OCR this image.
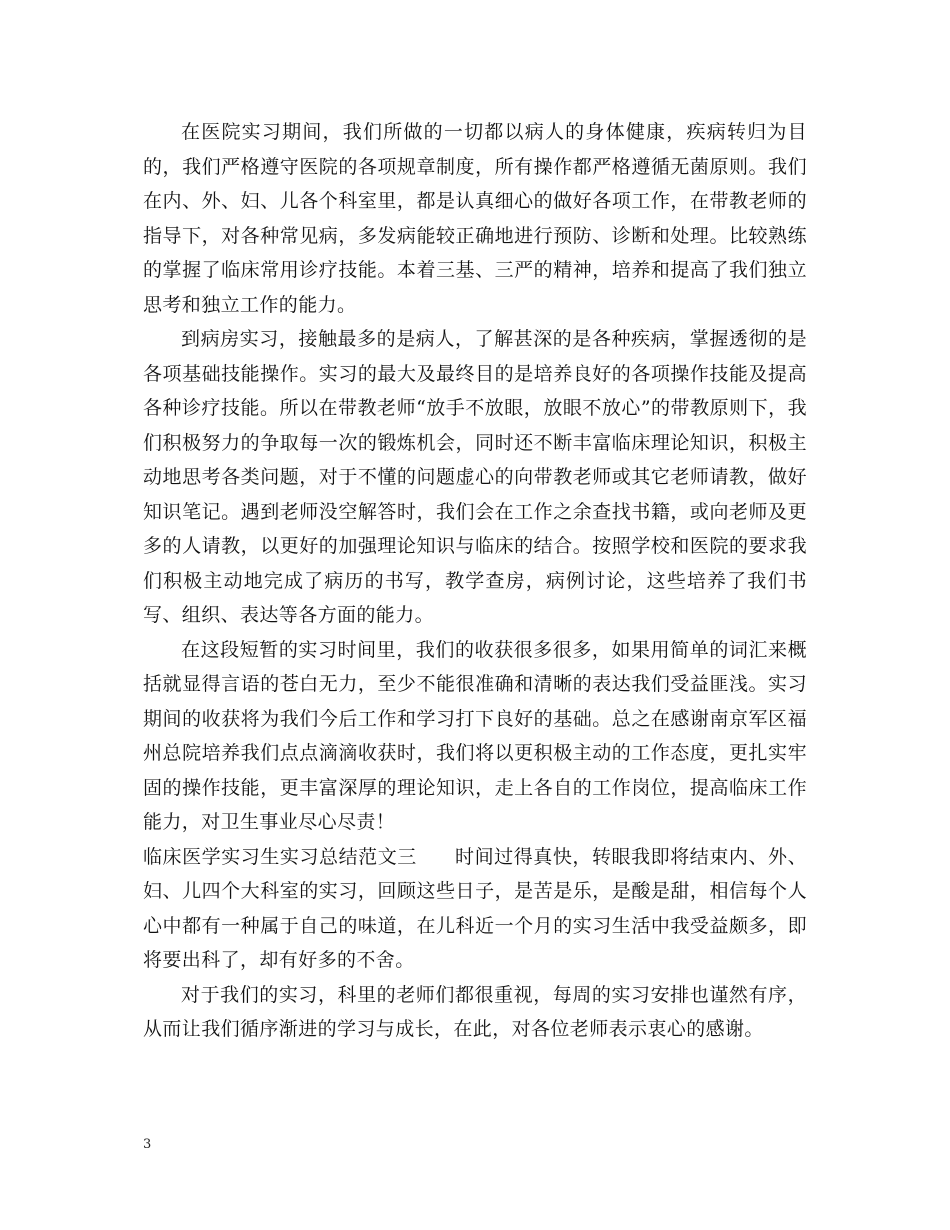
在医院实习期间，我们所做的一切都以病人的身体健康，疾病转归为目的，我们严格遵守医院的各项规章制度，所有操作都严格遵循无菌原则。我们在内、外、妇、儿各个科室里，都是认真细心的做好各项工作，在带教老师的指导下，对各种常见病，多发病能较正确地进行预防、诊断和处理。比较熟练的掌握了临床常用诊疗技能。本着三基、三严的精神，培养和提高了我们独立思考和独立工作的能力。

到病房实习，接触最多的是病人，了解甚深的是各种疾病，掌握透彻的是各项基础技能操作。实习的最大及最终目的是培养良好的各项操作技能及提高各种诊疗技能。所以在带教老师“放手不放眼，放眼不放心”的带教原则下，我们积极努力的争取每一次的锻炼机会，同时还不断丰富临床理论知识，积极主动地思考各类问题，对于不懂的问题虚心的向带教老师或其它老师请教，做好知识笔记。遇到老师没空解答时，我们会在工作之余查找书籍，或向老师及更多的人请教，以更好的加强理论知识与临床的结合。按照学校和医院的要求我们积极主动地完成了病历的书写，教学查房，病例讨论，这些培养了我们书写、组织、表达等各方面的能力。

在这段短暂的实习时间里，我们的收获很多很多，如果用简单的词汇来概括就显得言语的苍白无力，至少不能很准确和清晰的表达我们受益匪浅。实习期间的收获将为我们今后工作和学习打下良好的基础。总之在感谢南京军区福州总院培养我们点点滴滴收获时，我们将以更积极主动的工作态度，更扎实牢固的操作技能，更丰富深厚的理论知识，走上各自的工作岗位，提高临床工作能力，对卫生事业尽心尽责！

临床医学实习生实习总结范文三 时间过得真快，转眼我即将结束内、外、妇、儿四个大科室的实习，回顾这些日子，是苦是乐，是酸是甜，相信每个人心中都有一种属于自己的味道，在儿科近一个月的实习生活中我受益颇多，即将要出科了，却有好多的不舍。

对于我们的实习，科里的老师们都很重视，每周的实习安排也谨然有序，从而让我们循序渐进的学习与成长，在此，对各位老师表示衷心的感谢。

3
